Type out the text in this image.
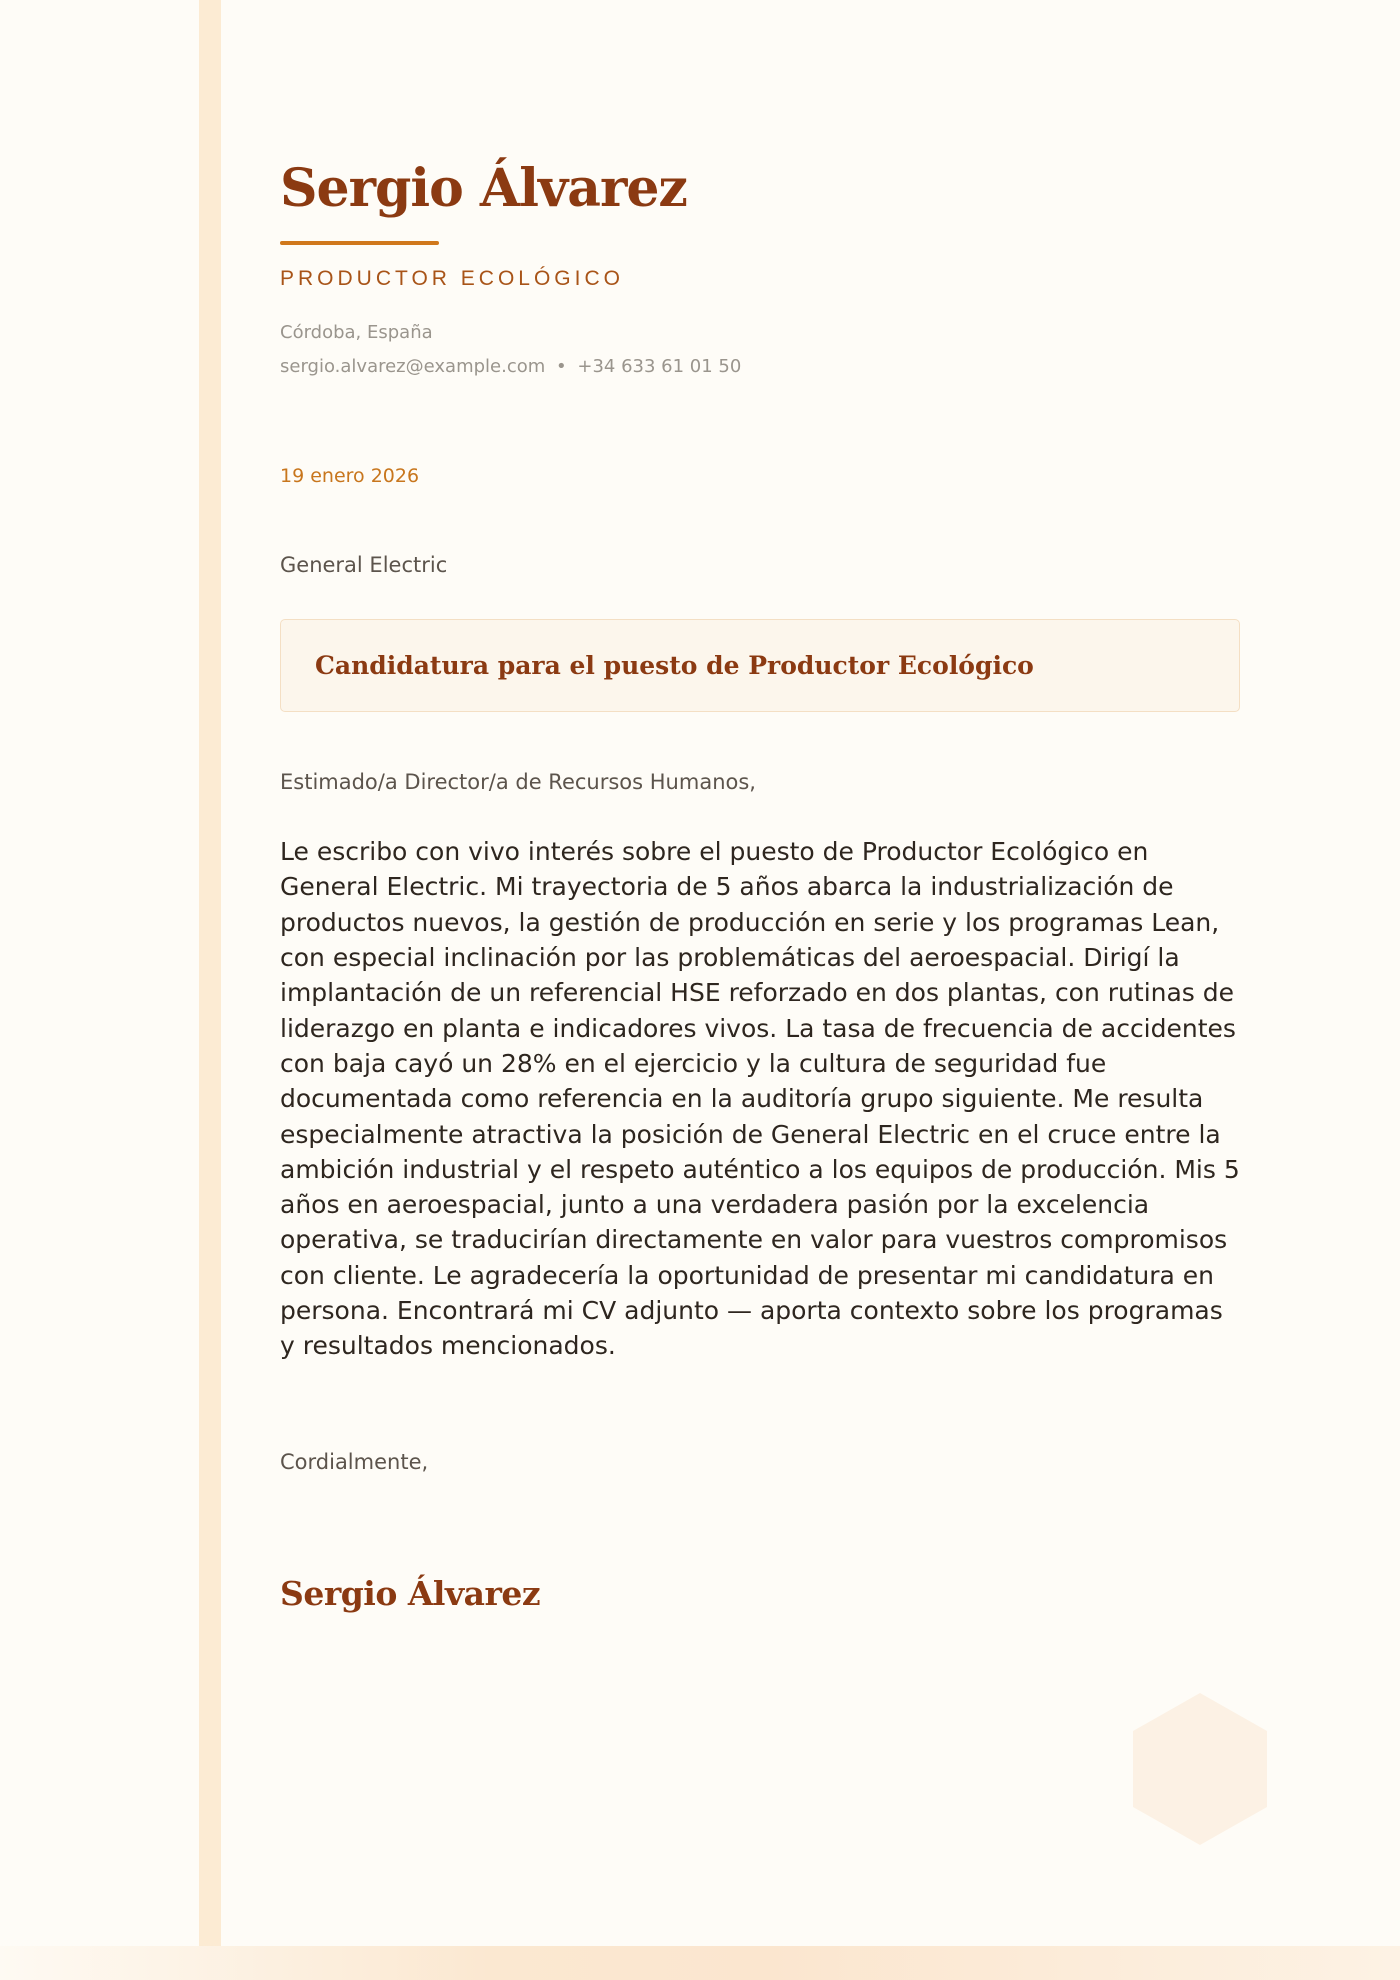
Sergio Álvarez
PRODUCTOR ECOLÓGICO
Córdoba, España
sergio.alvarez@example.com • +34 633 61 01 50
19 enero 2026
General Electric
Candidatura para el puesto de Productor Ecológico
Estimado/a Director/a de Recursos Humanos,

Le escribo con vivo interés sobre el puesto de Productor Ecológico en General Electric. Mi trayectoria de 5 años abarca la industrialización de productos nuevos, la gestión de producción en serie y los programas Lean, con especial inclinación por las problemáticas del aeroespacial. Dirigí la implantación de un referencial HSE reforzado en dos plantas, con rutinas de liderazgo en planta e indicadores vivos. La tasa de frecuencia de accidentes con baja cayó un 28% en el ejercicio y la cultura de seguridad fue documentada como referencia en la auditoría grupo siguiente. Me resulta especialmente atractiva la posición de General Electric en el cruce entre la ambición industrial y el respeto auténtico a los equipos de producción. Mis 5 años en aeroespacial, junto a una verdadera pasión por la excelencia operativa, se traducirían directamente en valor para vuestros compromisos con cliente. Le agradecería la oportunidad de presentar mi candidatura en persona. Encontrará mi CV adjunto — aporta contexto sobre los programas y resultados mencionados.

Cordialmente,
Sergio Álvarez
